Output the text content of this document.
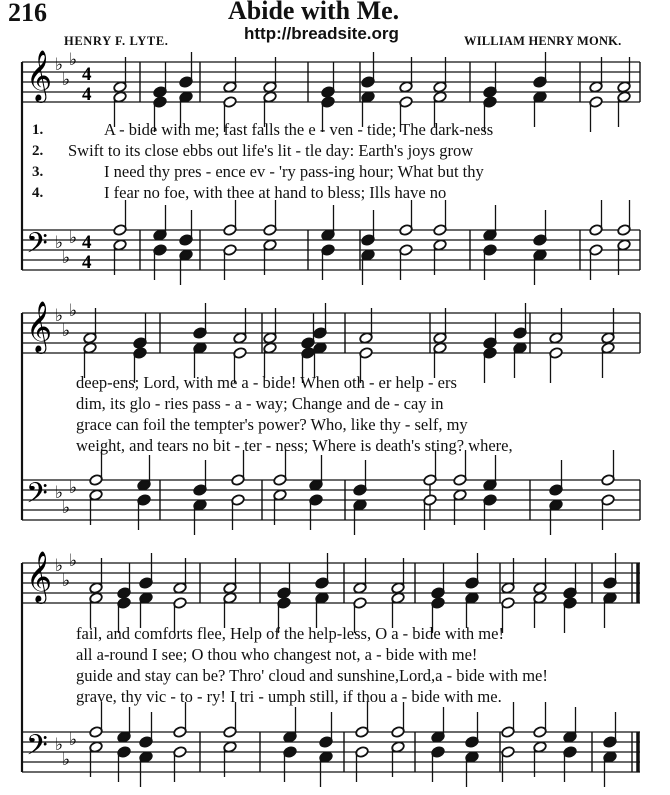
216	Abide with Me.
http://breadsite.org
HENRY F. LYTE.	WILLIAM HENRY MONK.
𝄞 ♭
♭
♭
4
4
𝄢 ♭
♭
♭ 4
4
𝄞 ♭
♭
♭
𝄢 ♭
♭
♭
𝄞 ♭
♭
♭
𝄢 ♭
♭
♭
1.
2.
3.
4.
A - bide with me; fast falls the e - ven - tide; The dark-ness
Swift to its close ebbs out life's lit - tle day: Earth's joys grow
I need thy pres - ence ev - 'ry pass-ing hour; What but thy
I fear no foe, with thee at hand to bless; Ills have no
deep-ens; Lord, with me a - bide! When oth - er help - ers
dim, its glo - ries pass - a - way; Change and de - cay in
grace can foil the tempter's power? Who, like thy - self, my
weight, and tears no bit - ter - ness; Where is death's sting? where,
fail, and comforts flee, Help of the help-less, O a - bide with me!
all a-round I see; O thou who changest not, a - bide with me!
guide and stay can be? Thro' cloud and sunshine,Lord,a - bide with me!
grave, thy vic - to - ry! I tri - umph still, if thou a - bide with me.
